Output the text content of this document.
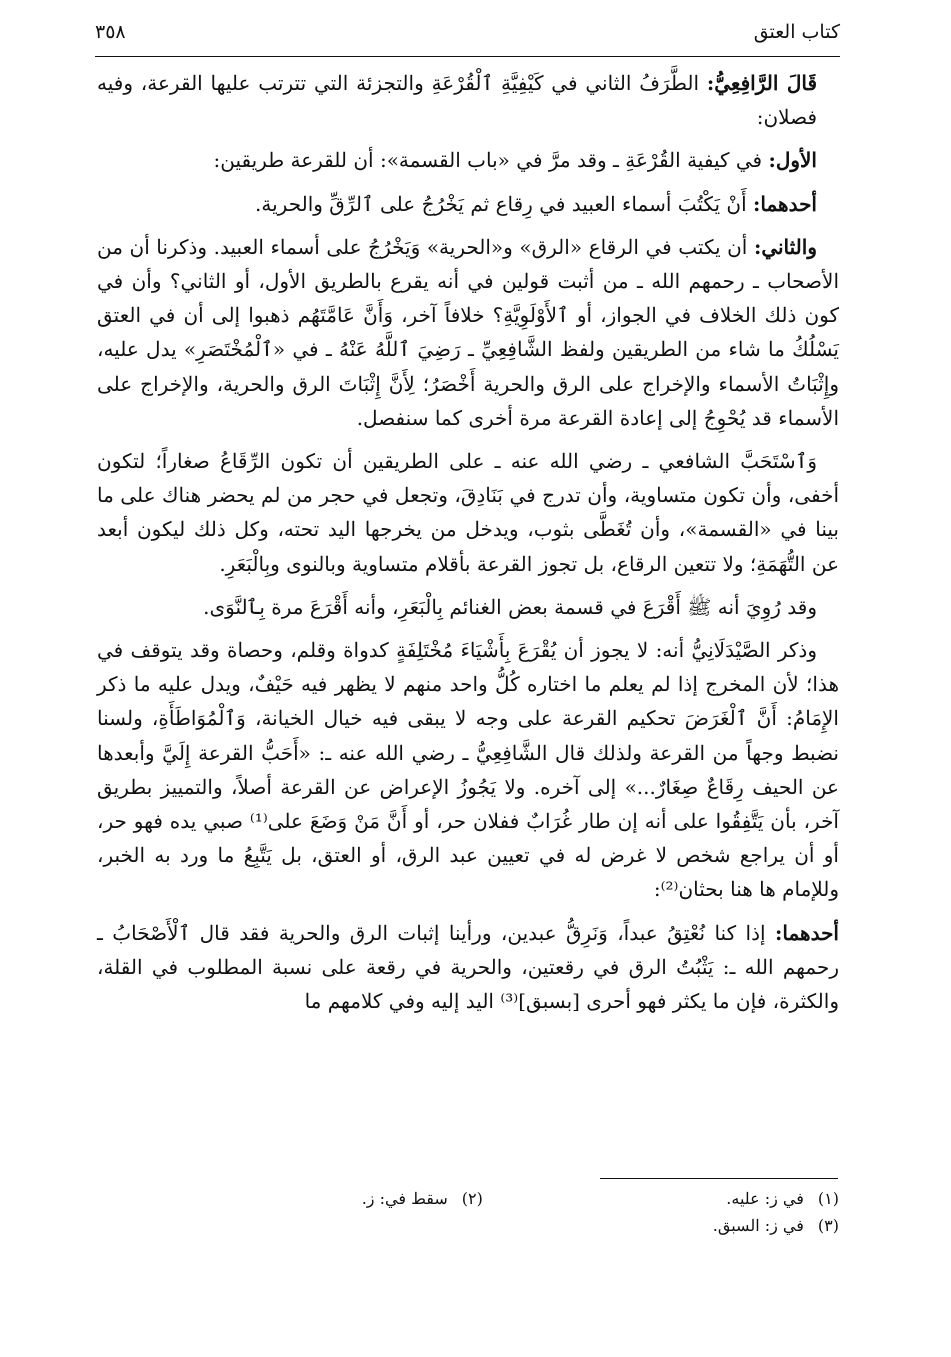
كتاب العتق
٣٥٨

قَالَ الرَّافِعِيُّ: الطَّرَفُ الثاني في كَيْفِيَّةِ ٱلْقُرْعَةِ والتجزئة التي تترتب عليها القرعة، وفيه فصلان:

الأول: في كيفية القُرْعَةِ ـ وقد مرَّ في «باب القسمة»: أن للقرعة طريقين:

أحدهما: أَنْ يَكْتُبَ أسماء العبيد في رِقاع ثم يَخْرُجُ على ٱلرِّقِّ والحرية.

والثاني: أن يكتب في الرقاع «الرق» و«الحرية» وَيَخْرُجُ على أسماء العبيد. وذكرنا أن من الأصحاب ـ رحمهم الله ـ من أثبت قولين في أنه يقرع بالطريق الأول، أو الثاني؟ وأن في كون ذلك الخلاف في الجواز، أو ٱلأَوْلَوِيَّةِ؟ خلافاً آخر، وَأَنَّ عَامَّتَهُم ذهبوا إلى أن في العتق يَسْلُكُ ما شاء من الطريقين ولفظ الشَّافِعِيِّ ـ رَضِيَ ٱللَّهُ عَنْهُ ـ في «ٱلْمُخْتَصَرِ» يدل عليه، وإِثْبَاتُ الأسماء والإخراج على الرق والحرية أَخْصَرُ؛ لِأَنَّ إِثْبَاتَ الرق والحرية، والإخراج على الأسماء قد يُحْوِجُ إلى إعادة القرعة مرة أخرى كما سنفصل.

وَٱسْتَحَبَّ الشافعي ـ رضي الله عنه ـ على الطريقين أن تكون الرِّقَاعُ صغاراً؛ لتكون أخفى، وأن تكون متساوية، وأن تدرج في بَنَادِقَ، وتجعل في حجر من لم يحضر هناك على ما بينا في «القسمة»، وأن تُغَطَّى بثوب، ويدخل من يخرجها اليد تحته، وكل ذلك ليكون أبعد عن التُّهَمَةِ؛ ولا تتعين الرقاع، بل تجوز القرعة بأقلام متساوية وبالنوى وبِالْبَعَرِ.

وقد رُوِيَ أنه ﷺ أَقْرَعَ في قسمة بعض الغنائم بِالْبَعَرِ، وأنه أَقْرَعَ مرة بِٱلنَّوَى.

وذكر الصَّيْدَلَانِيُّ أنه: لا يجوز أن يُقْرَعَ بِأَشْيَاءَ مُخْتَلِفَةٍ كدواة وقلم، وحصاة وقد يتوقف في هذا؛ لأن المخرج إذا لم يعلم ما اختاره كُلُّ واحد منهم لا يظهر فيه حَيْفٌ، ويدل عليه ما ذكر الإِمَامُ: أَنَّ ٱلْغَرَضَ تحكيم القرعة على وجه لا يبقى فيه خيال الخيانة، وَٱلْمُوَاطَأَةِ، ولسنا نضبط وجهاً من القرعة ولذلك قال الشَّافِعِيُّ ـ رضي الله عنه ـ: «أَحَبُّ القرعة إِلَيَّ وأبعدها عن الحيف رِقَاعٌ صِغَارٌ...» إلى آخره. ولا يَجُوزُ الإعراض عن القرعة أصلاً، والتمييز بطريق آخر، بأن يَتَّفِقُوا على أنه إن طار غُرَابٌ ففلان حر، أو أَنَّ مَنْ وَضَعَ على⁽¹⁾ صبي يده فهو حر، أو أن يراجع شخص لا غرض له في تعيين عبد الرق، أو العتق، بل يَتَّبِعُ ما ورد به الخبر، وللإمام ها هنا بحثان⁽²⁾:

أحدهما: إذا كنا نُعْتِقُ عبداً، وَنَرِقُّ عبدين، ورأينا إثبات الرق والحرية فقد قال ٱلْأَصْحَابُ ـ رحمهم الله ـ: يَثْبُتُ الرق في رقعتين، والحرية في رقعة على نسبة المطلوب في القلة، والكثرة، فإن ما يكثر فهو أحرى [بسبق]⁽³⁾ اليد إليه وفي كلامهم ما

(١) في ز: عليه.
(٢) سقط في: ز.
(٣) في ز: السبق.
